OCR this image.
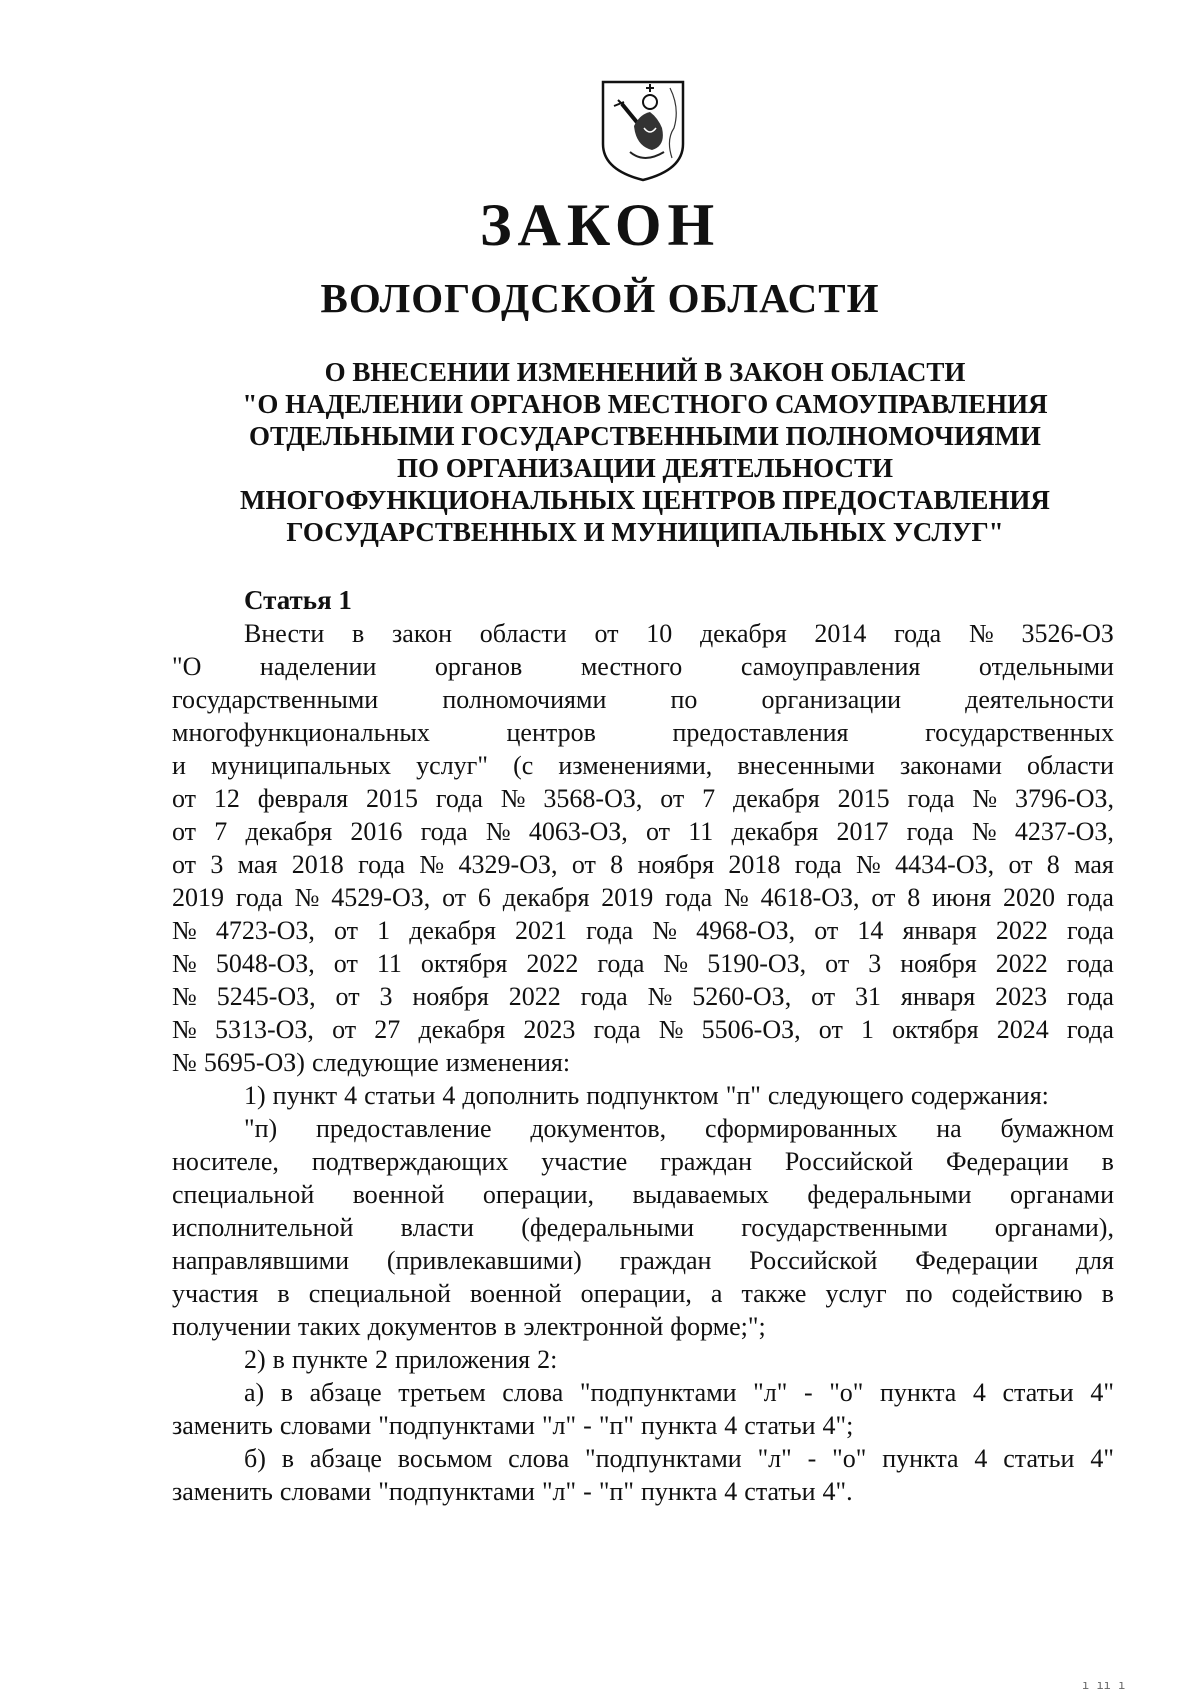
ЗАКОН
ВОЛОГОДСКОЙ ОБЛАСТИ
О ВНЕСЕНИИ ИЗМЕНЕНИЙ В ЗАКОН ОБЛАСТИ
"О НАДЕЛЕНИИ ОРГАНОВ МЕСТНОГО САМОУПРАВЛЕНИЯ
ОТДЕЛЬНЫМИ ГОСУДАРСТВЕННЫМИ ПОЛНОМОЧИЯМИ
ПО ОРГАНИЗАЦИИ ДЕЯТЕЛЬНОСТИ
МНОГОФУНКЦИОНАЛЬНЫХ ЦЕНТРОВ ПРЕДОСТАВЛЕНИЯ
ГОСУДАРСТВЕННЫХ И МУНИЦИПАЛЬНЫХ УСЛУГ"
Статья 1
Внести в закон области от 10 декабря 2014 года № 3526-ОЗ
"О наделении органов местного самоуправления отдельными
государственными полномочиями по организации деятельности
многофункциональных	центров	предоставления	государственных
и муниципальных услуг" (с изменениями, внесенными законами области
от 12 февраля 2015 года № 3568-ОЗ, от 7 декабря 2015 года № 3796-ОЗ,
от 7 декабря 2016 года № 4063-ОЗ, от 11 декабря 2017 года № 4237-ОЗ,
от 3 мая 2018 года № 4329-ОЗ, от 8 ноября 2018 года № 4434-ОЗ, от 8 мая
2019 года № 4529-ОЗ, от 6 декабря 2019 года № 4618-ОЗ, от 8 июня 2020 года
№ 4723-ОЗ, от 1 декабря 2021 года № 4968-ОЗ, от 14 января 2022 года
№ 5048-ОЗ, от 11 октября 2022 года № 5190-ОЗ, от 3 ноября 2022 года
№ 5245-ОЗ, от 3 ноября 2022 года № 5260-ОЗ, от 31 января 2023 года
№ 5313-ОЗ, от 27 декабря 2023 года № 5506-ОЗ, от 1 октября 2024 года
№ 5695-ОЗ) следующие изменения:
1) пункт 4 статьи 4 дополнить подпунктом "п" следующего содержания:
"п) предоставление документов, сформированных на бумажном
носителе, подтверждающих участие граждан Российской Федерации в
специальной военной операции, выдаваемых федеральными органами
исполнительной власти (федеральными государственными органами),
направлявшими (привлекавшими) граждан Российской Федерации для
участия в специальной военной операции, а также услуг по содействию в
получении таких документов в электронной форме;";
2) в пункте 2 приложения 2:
а) в абзаце третьем слова "подпунктами "л" - "о" пункта 4 статьи 4"
заменить словами "подпунктами "л" - "п" пункта 4 статьи 4";
б) в абзаце восьмом слова "подпунктами "л" - "о" пункта 4 статьи 4"
заменить словами "подпунктами "л" - "п" пункта 4 статьи 4".
ı ıı ı
